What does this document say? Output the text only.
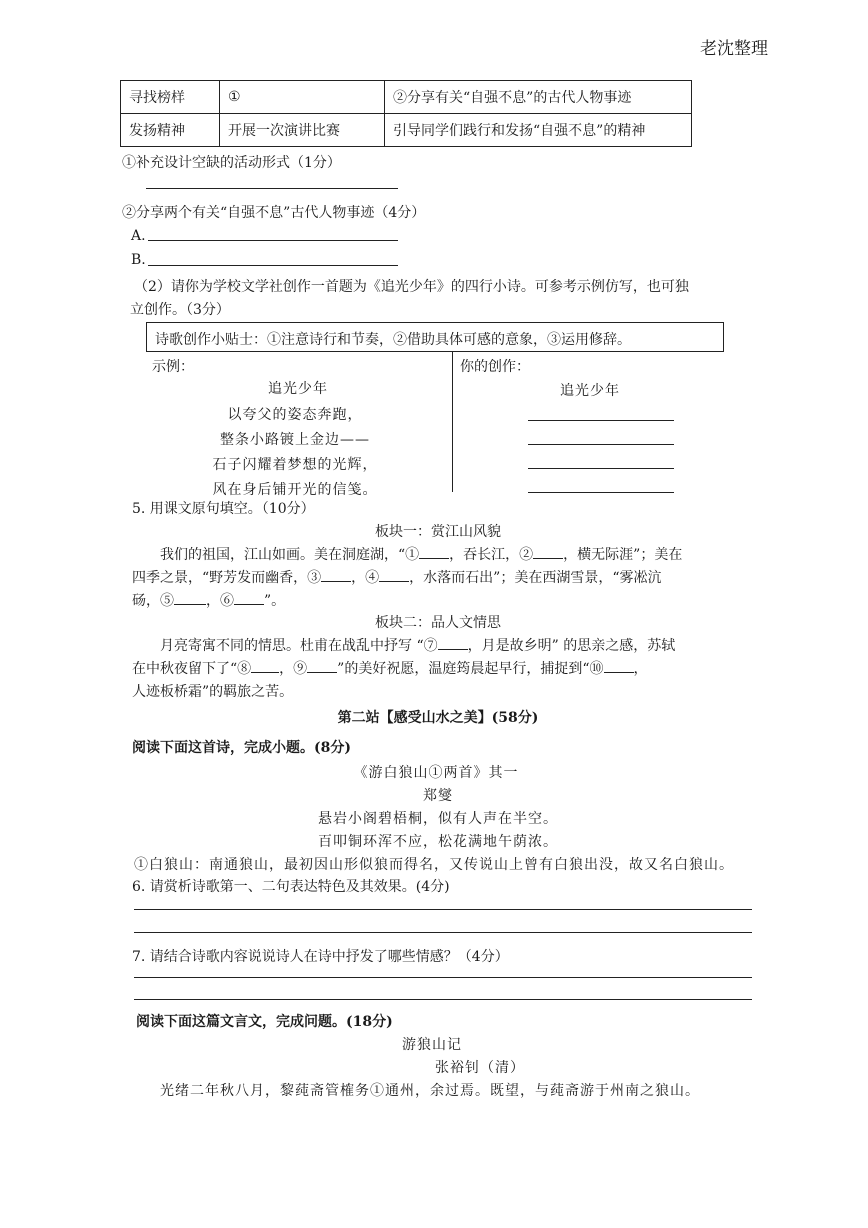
老沈整理
寻找榜样	①	②分享有关“自强不息”的古代人物事迹
发扬精神	开展一次演讲比赛	引导同学们践行和发扬“自强不息”的精神
①补充设计空缺的活动形式（1分）
②分享两个有关“自强不息”古代人物事迹（4分）
A.
B.
（2）请你为学校文学社创作一首题为《追光少年》的四行小诗。可参考示例仿写，也可独
立创作。（3分）
诗歌创作小贴士：①注意诗行和节奏，②借助具体可感的意象，③运用修辞。
示例：
追光少年
以夸父的姿态奔跑，
整条小路镀上金边——
石子闪耀着梦想的光辉，
风在身后铺开光的信笺。
你的创作：
追光少年
5. 用课文原句填空。（10分）
板块一：赏江山风貌
我们的祖国，江山如画。美在洞庭湖，“① ，吞长江，② ，横无际涯”；美在
四季之景，“野芳发而幽香，③ ，④ ，水落而石出”；美在西湖雪景，“雾凇沆
砀，⑤ ，⑥ ”。
板块二：品人文情思
月亮寄寓不同的情思。杜甫在战乱中抒写 “⑦ ，月是故乡明” 的思亲之感，苏轼
在中秋夜留下了“⑧ ，⑨ ”的美好祝愿，温庭筠晨起早行，捕捉到“⑩ ，
人迹板桥霜”的羁旅之苦。
第二站【感受山水之美】(58分)
阅读下面这首诗，完成小题。(8分)
《游白狼山①两首》其一
郑燮
悬岩小阁碧梧桐，似有人声在半空。
百叩铜环浑不应，松花满地午荫浓。
①白狼山：南通狼山，最初因山形似狼而得名，又传说山上曾有白狼出没，故又名白狼山。
6. 请赏析诗歌第一、二句表达特色及其效果。(4分)
7. 请结合诗歌内容说说诗人在诗中抒发了哪些情感？（4分）
阅读下面这篇文言文，完成问题。(18分)
游狼山记
张裕钊（清）
光绪二年秋八月，黎莼斋管榷务①通州，余过焉。既望，与莼斋游于州南之狼山。
